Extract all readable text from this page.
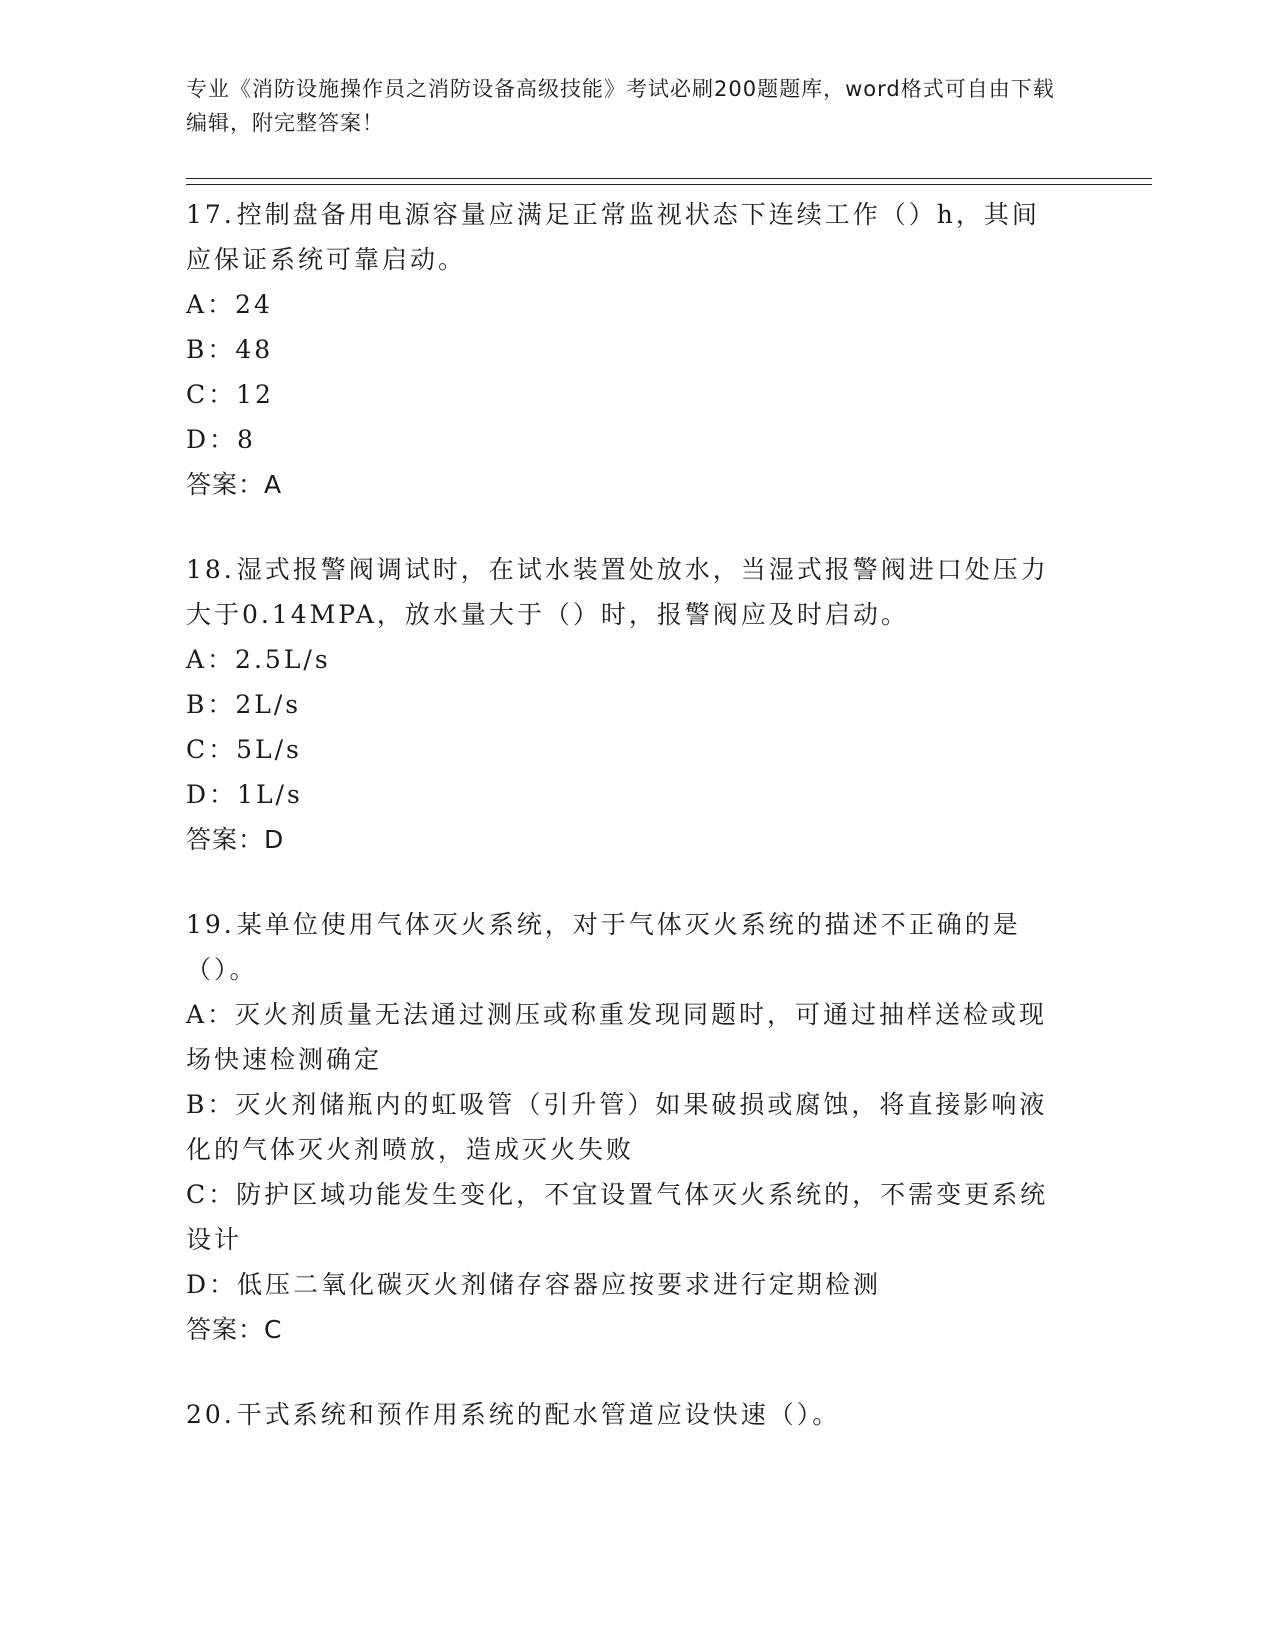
专业《消防设施操作员之消防设备高级技能》考试必刷200题题库，word格式可自由下载编辑，附完整答案！

17.控制盘备用电源容量应满足正常监视状态下连续工作（）h，其间应保证系统可靠启动。

A：24

B：48

C：12

D：8

答案：A

18.湿式报警阀调试时，在试水装置处放水，当湿式报警阀进口处压力大于0.14MPA，放水量大于（）时，报警阀应及时启动。

A：2.5L/s

B：2L/s

C：5L/s

D：1L/s

答案：D

19.某单位使用气体灭火系统，对于气体灭火系统的描述不正确的是（）。

A：灭火剂质量无法通过测压或称重发现同题时，可通过抽样送检或现场快速检测确定

B：灭火剂储瓶内的虹吸管（引升管）如果破损或腐蚀，将直接影响液化的气体灭火剂喷放，造成灭火失败

C：防护区域功能发生变化，不宜设置气体灭火系统的，不需变更系统设计

D：低压二氧化碳灭火剂储存容器应按要求进行定期检测

答案：C

20.干式系统和预作用系统的配水管道应设快速（）。
